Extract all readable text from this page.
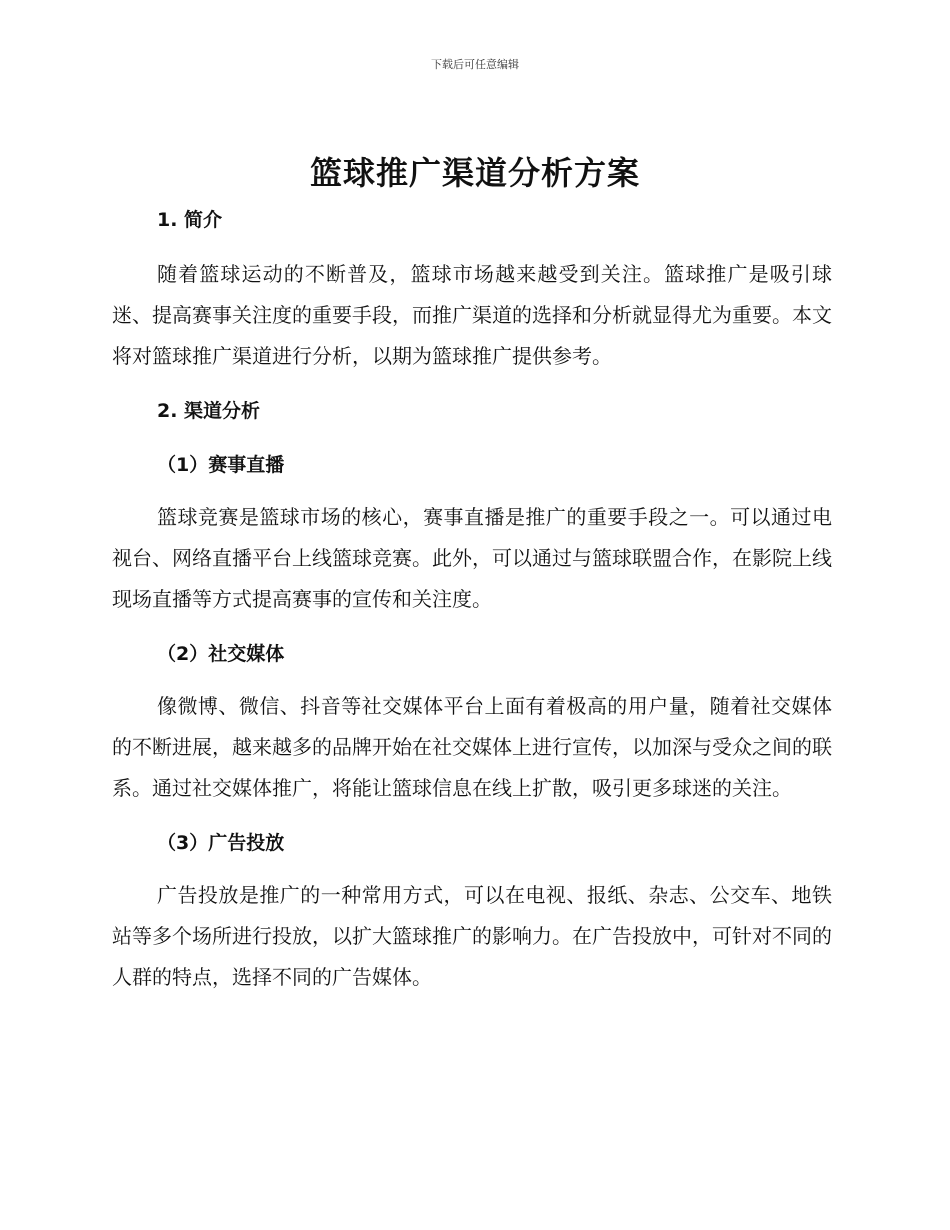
下载后可任意编辑
篮球推广渠道分析方案
1. 简介

随着篮球运动的不断普及，篮球市场越来越受到关注。篮球推广是吸引球迷、提高赛事关注度的重要手段，而推广渠道的选择和分析就显得尤为重要。本文将对篮球推广渠道进行分析，以期为篮球推广提供参考。

2. 渠道分析
（1）赛事直播

篮球竞赛是篮球市场的核心，赛事直播是推广的重要手段之一。可以通过电视台、网络直播平台上线篮球竞赛。此外，可以通过与篮球联盟合作，在影院上线现场直播等方式提高赛事的宣传和关注度。

（2）社交媒体

像微博、微信、抖音等社交媒体平台上面有着极高的用户量，随着社交媒体的不断进展，越来越多的品牌开始在社交媒体上进行宣传，以加深与受众之间的联系。通过社交媒体推广，将能让篮球信息在线上扩散，吸引更多球迷的关注。

（3）广告投放

广告投放是推广的一种常用方式，可以在电视、报纸、杂志、公交车、地铁站等多个场所进行投放，以扩大篮球推广的影响力。在广告投放中，可针对不同的人群的特点，选择不同的广告媒体。
